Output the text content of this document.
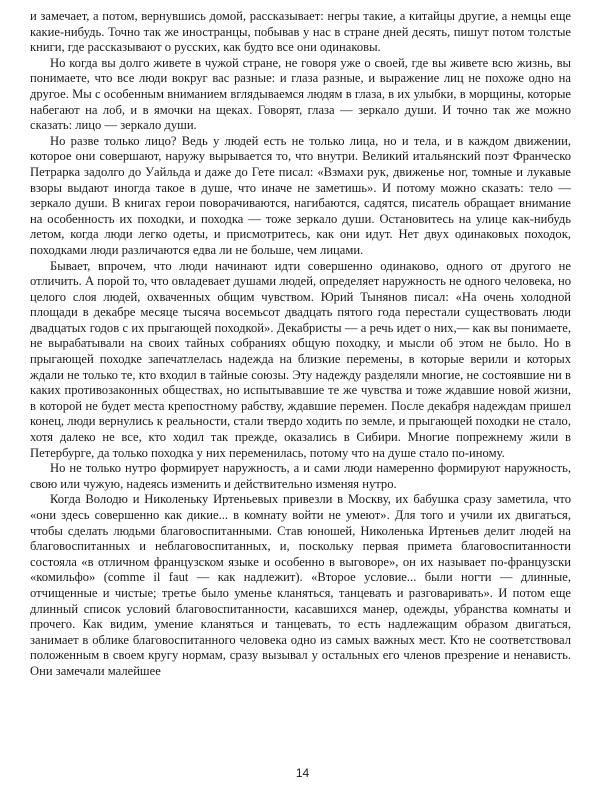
и замечает, а потом, вернувшись домой, рассказывает: негры такие, а китайцы другие, а немцы еще какие-нибудь. Точно так же иностранцы, побывав у нас в стране дней десять, пишут потом толстые книги, где рассказывают о русских, как будто все они одинаковы.

Но когда вы долго живете в чужой стране, не говоря уже о своей, где вы живете всю жизнь, вы понимаете, что все люди вокруг вас разные: и глаза разные, и выражение лиц не похоже одно на другое. Мы с особенным вниманием вглядываемся людям в глаза, в их улыбки, в морщины, которые набегают на лоб, и в ямочки на щеках. Говорят, глаза — зеркало души. И точно так же можно сказать: лицо — зеркало души.

Но разве только лицо? Ведь у людей есть не только лица, но и тела, и в каждом движении, которое они совершают, наружу вырывается то, что внутри. Великий итальянский поэт Франческо Петрарка задолго до Уайльда и даже до Гете писал: «Взмахи рук, движенье ног, томные и лукавые взоры выдают иногда такое в душе, что иначе не заметишь». И потому можно сказать: тело — зеркало души. В книгах герои поворачиваются, нагибаются, садятся, писатель обращает внимание на особенность их походки, и походка — тоже зеркало души. Остановитесь на улице как-нибудь летом, когда люди легко одеты, и присмотритесь, как они идут. Нет двух одинаковых походок, походками люди различаются едва ли не больше, чем лицами.

Бывает, впрочем, что люди начинают идти совершенно одинаково, одного от другого не отличить. А порой то, что овладевает душами людей, определяет наружность не одного человека, но целого слоя людей, охваченных общим чувством. Юрий Тынянов писал: «На очень холодной площади в декабре месяце тысяча восемьсот двадцать пятого года перестали существовать люди двадцатых годов с их прыгающей походкой». Декабристы — а речь идет о них,— как вы понимаете, не вырабатывали на своих тайных собраниях общую походку, и мысли об этом не было. Но в прыгающей походке запечатлелась надежда на близкие перемены, в которые верили и которых ждали не только те, кто входил в тайные союзы. Эту надежду разделяли многие, не состоявшие ни в каких противозаконных обществах, но испытывавшие те же чувства и тоже ждавшие новой жизни, в которой не будет места крепостному рабству, ждавшие перемен. После декабря надеждам пришел конец, люди вернулись к реальности, стали твердо ходить по земле, и прыгающей походки не стало, хотя далеко не все, кто ходил так прежде, оказались в Сибири. Многие попрежнему жили в Петербурге, да только походка у них переменилась, потому что на душе стало по-иному.

Но не только нутро формирует наружность, а и сами люди намеренно формируют наружность, свою или чужую, надеясь изменить и действительно изменяя нутро.

Когда Володю и Николеньку Иртеньевых привезли в Москву, их бабушка сразу заметила, что «они здесь совершенно как дикие... в комнату войти не умеют». Для того и учили их двигаться, чтобы сделать людьми благовоспитанными. Став юношей, Николенька Иртеньев делит людей на благовоспитанных и неблаговоспитанных, и, поскольку первая примета благовоспитанности состояла «в отличном французском языке и особенно в выговоре», он их называет по-французски «комильфо» (comme il faut — как надлежит). «Второе условие... были ногти — длинные, отчищенные и чистые; третье было уменье кланяться, танцевать и разговаривать». И потом еще длинный список условий благовоспитанности, касавшихся манер, одежды, убранства комнаты и прочего. Как видим, умение кланяться и танцевать, то есть надлежащим образом двигаться, занимает в облике благовоспитанного человека одно из самых важных мест. Кто не соответствовал положенным в своем кругу нормам, сразу вызывал у остальных его членов презрение и ненависть. Они замечали малейшее

14
